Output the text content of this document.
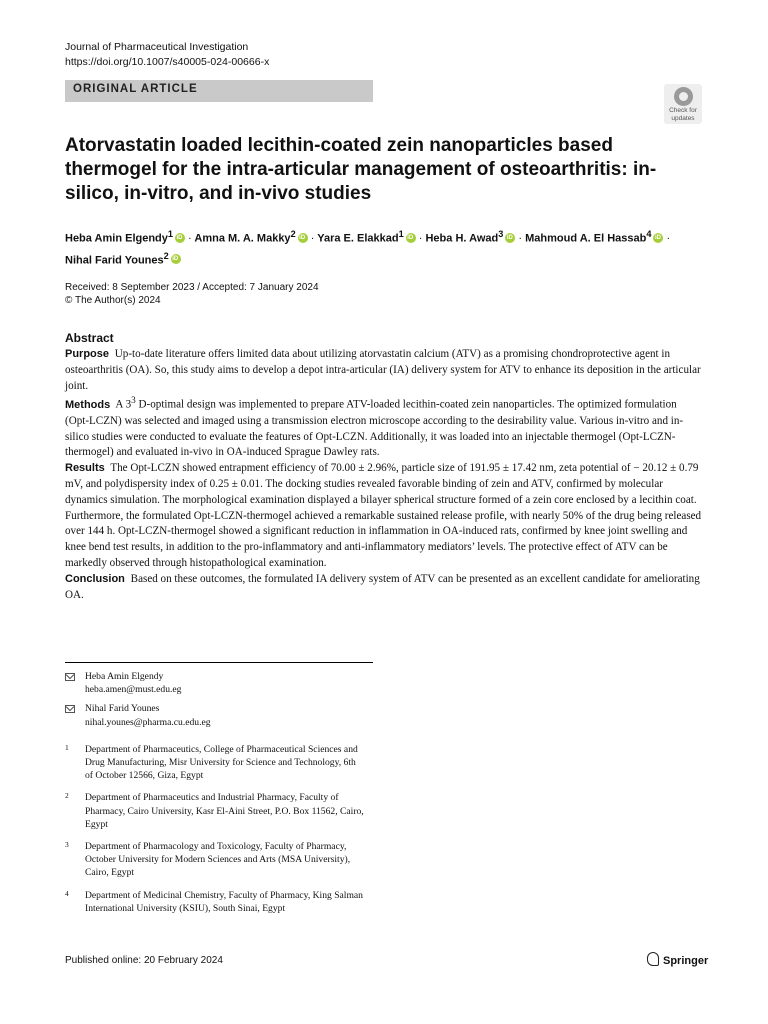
Journal of Pharmaceutical Investigation
https://doi.org/10.1007/s40005-024-00666-x
ORIGINAL ARTICLE
Check for
updates
Atorvastatin loaded lecithin-coated zein nanoparticles based thermogel for the intra-articular management of osteoarthritis: in-silico, in-vitro, and in-vivo studies
Heba Amin Elgendy$^1$ iD · Amna M. A. Makky$^2$ iD · Yara E. Elakkad$^1$ iD · Heba H. Awad$^3$ iD · Mahmoud A. El Hassab$^4$ iD ·
Nihal Farid Younes$^2$iD
Received: 8 September 2023 / Accepted: 7 January 2024
© The Author(s) 2024
Abstract

Purpose Up-to-date literature offers limited data about utilizing atorvastatin calcium (ATV) as a promising chondroprotective agent in osteoarthritis (OA). So, this study aims to develop a depot intra-articular (IA) delivery system for ATV to enhance its deposition in the articular joint.

Methods A $3^3$ D-optimal design was implemented to prepare ATV-loaded lecithin-coated zein nanoparticles. The optimized formulation (Opt-LCZN) was selected and imaged using a transmission electron microscope according to the desirability value. Various in-vitro and in-silico studies were conducted to evaluate the features of Opt-LCZN. Additionally, it was loaded into an injectable thermogel (Opt-LCZN-thermogel) and evaluated in-vivo in OA-induced Sprague Dawley rats.

Results The Opt-LCZN showed entrapment efficiency of 70.00 ± 2.96%, particle size of 191.95 ± 17.42 nm, zeta potential of − 20.12 ± 0.79 mV, and polydispersity index of 0.25 ± 0.01. The docking studies revealed favorable binding of zein and ATV, confirmed by molecular dynamics simulation. The morphological examination displayed a bilayer spherical structure formed of a zein core enclosed by a lecithin coat. Furthermore, the formulated Opt-LCZN-thermogel achieved a remarkable sustained release profile, with nearly 50% of the drug being released over 144 h. Opt-LCZN-thermogel showed a significant reduction in inflammation in OA-induced rats, confirmed by knee joint swelling and knee bend test results, in addition to the pro-inflammatory and anti-inflammatory mediators’ levels. The protective effect of ATV can be markedly observed through histopathological examination.

Conclusion Based on these outcomes, the formulated IA delivery system of ATV can be presented as an excellent candidate for ameliorating OA.

Heba Amin Elgendy
heba.amen@must.edu.eg
Nihal Farid Younes
nihal.younes@pharma.cu.edu.eg
1 Department of Pharmaceutics, College of Pharmaceutical Sciences and Drug Manufacturing, Misr University for Science and Technology, 6th of October 12566, Giza, Egypt
2 Department of Pharmaceutics and Industrial Pharmacy, Faculty of Pharmacy, Cairo University, Kasr El-Aini Street, P.O. Box 11562, Cairo, Egypt
3 Department of Pharmacology and Toxicology, Faculty of Pharmacy, October University for Modern Sciences and Arts (MSA University), Cairo, Egypt
4 Department of Medicinal Chemistry, Faculty of Pharmacy, King Salman International University (KSIU), South Sinai, Egypt
Published online: 20 February 2024	Springer
